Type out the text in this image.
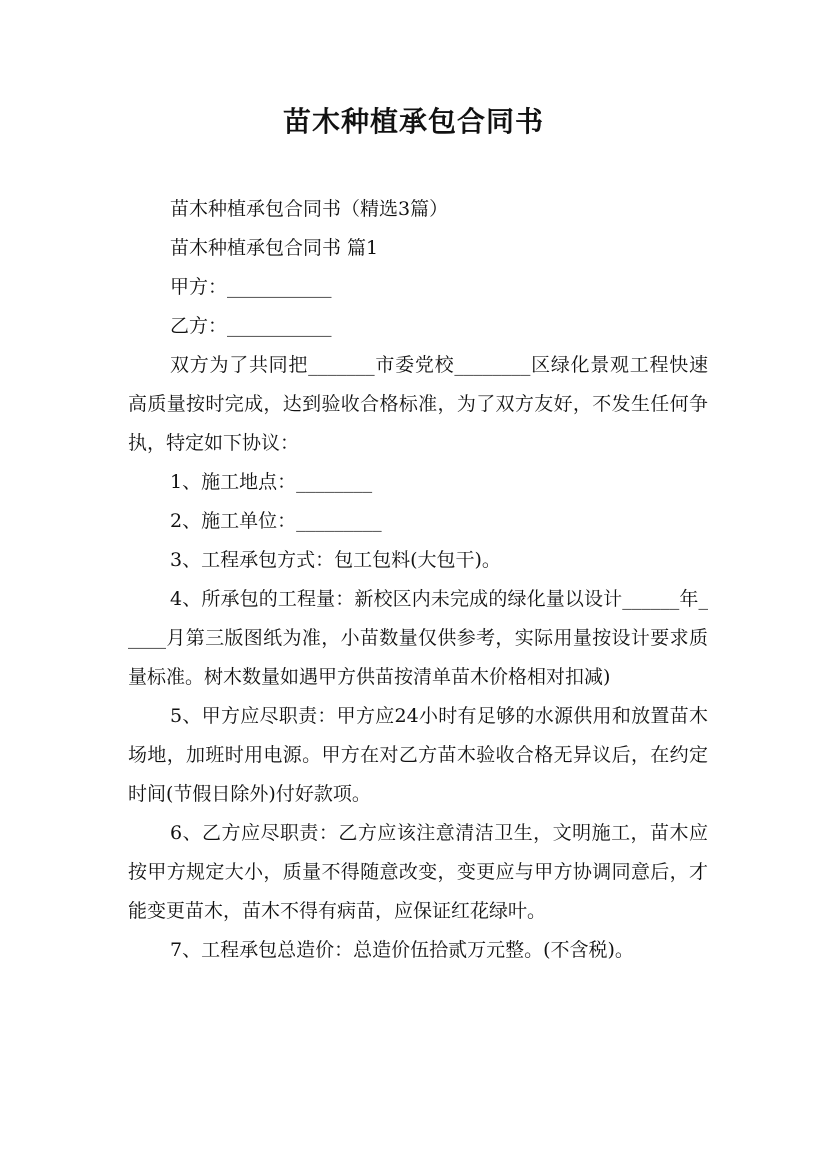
苗木种植承包合同书

苗木种植承包合同书（精选3篇）

苗木种植承包合同书 篇1

甲方：___________

乙方：___________

双方为了共同把_______市委党校________区绿化景观工程快速高质量按时完成，达到验收合格标准，为了双方友好，不发生任何争执，特定如下协议：

1、施工地点：________

2、施工单位：_________

3、工程承包方式：包工包料(大包干)。

4、所承包的工程量：新校区内未完成的绿化量以设计______年_____月第三版图纸为准，小苗数量仅供参考，实际用量按设计要求质量标准。树木数量如遇甲方供苗按清单苗木价格相对扣减)

5、甲方应尽职责：甲方应24小时有足够的水源供用和放置苗木场地，加班时用电源。甲方在对乙方苗木验收合格无异议后，在约定时间(节假日除外)付好款项。

6、乙方应尽职责：乙方应该注意清洁卫生，文明施工，苗木应按甲方规定大小，质量不得随意改变，变更应与甲方协调同意后，才能变更苗木，苗木不得有病苗，应保证红花绿叶。

7、工程承包总造价：总造价伍拾贰万元整。(不含税)。
